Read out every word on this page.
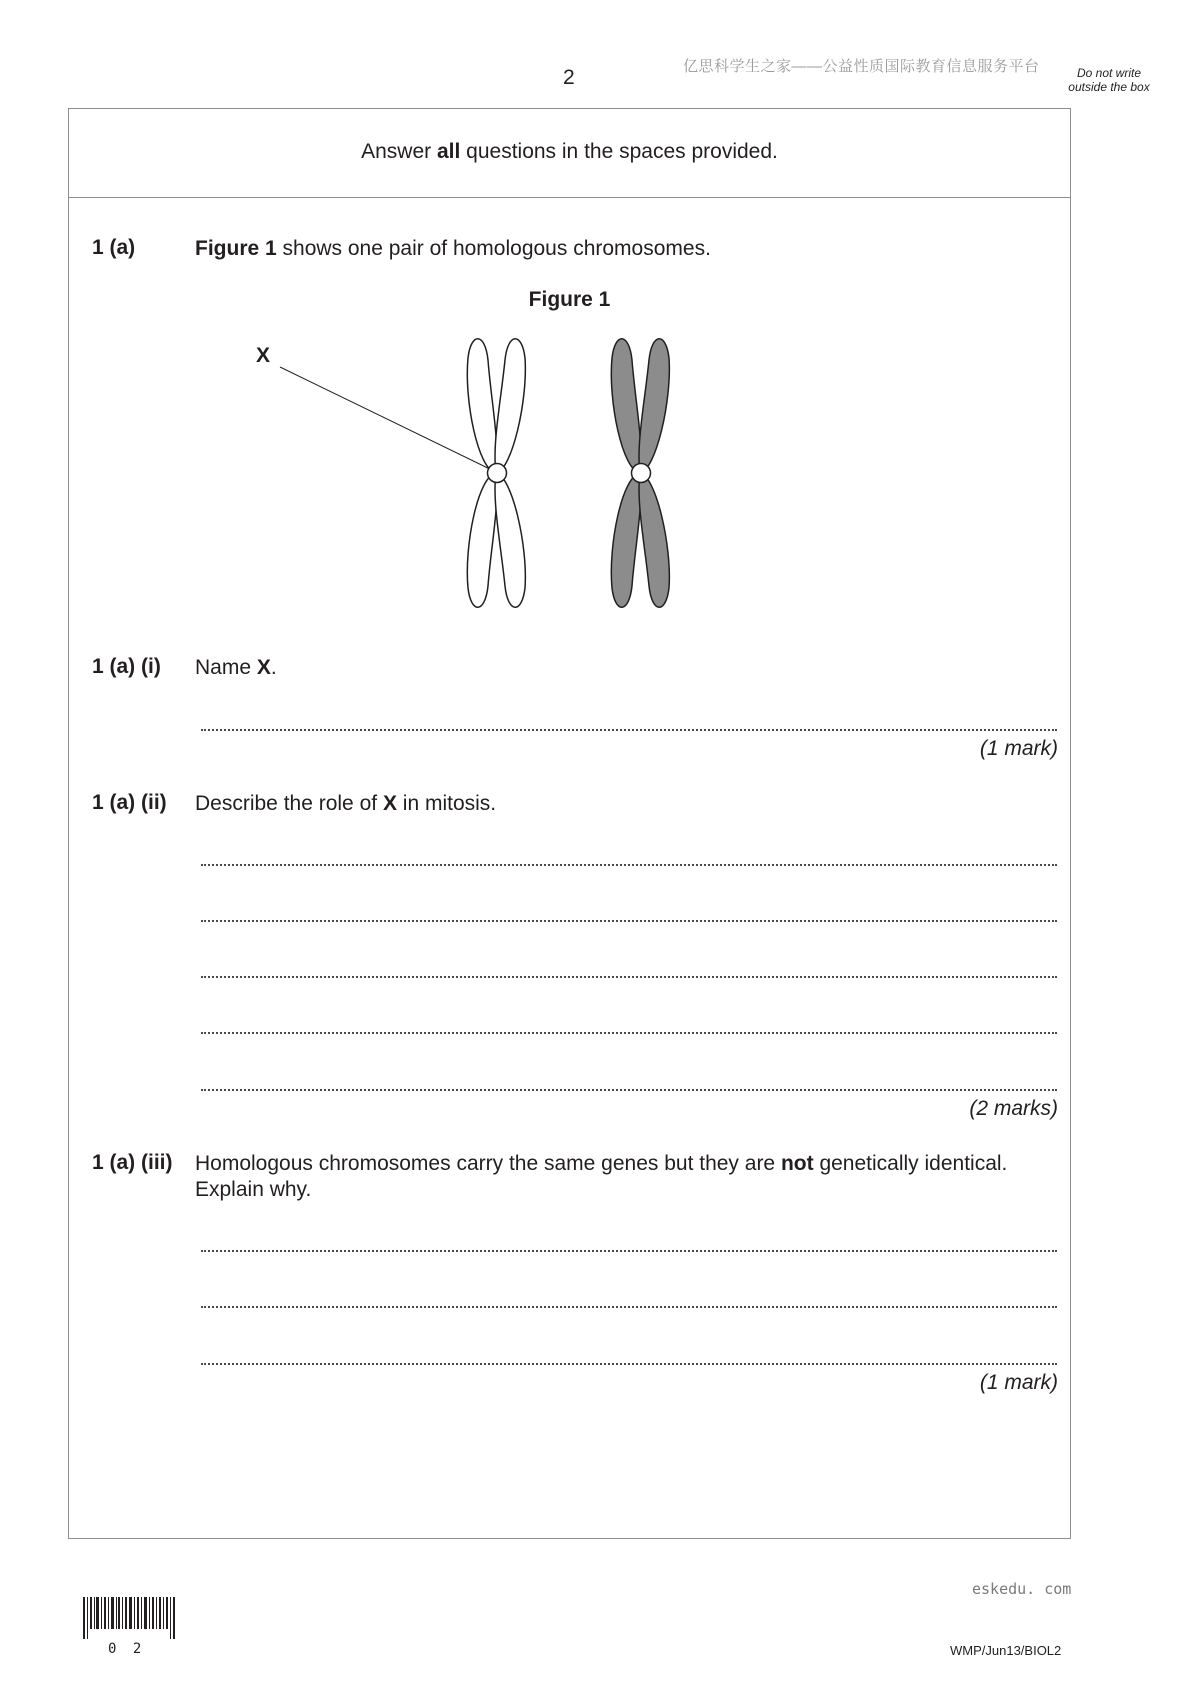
亿思科学生之家——公益性质国际教育信息服务平台
2	Do not write outside the box
Answer all questions in the spaces provided.
1 (a)	Figure 1 shows one pair of homologous chromosomes.
Figure 1
X
1 (a) (i) Name X.
(1 mark)
1 (a) (ii) Describe the role of X in mitosis.
(2 marks)
1 (a) (iii) Homologous chromosomes carry the same genes but they are not genetically identical.
Explain why.
(1 mark)
eskedu. com
0 2	WMP/Jun13/BIOL2
